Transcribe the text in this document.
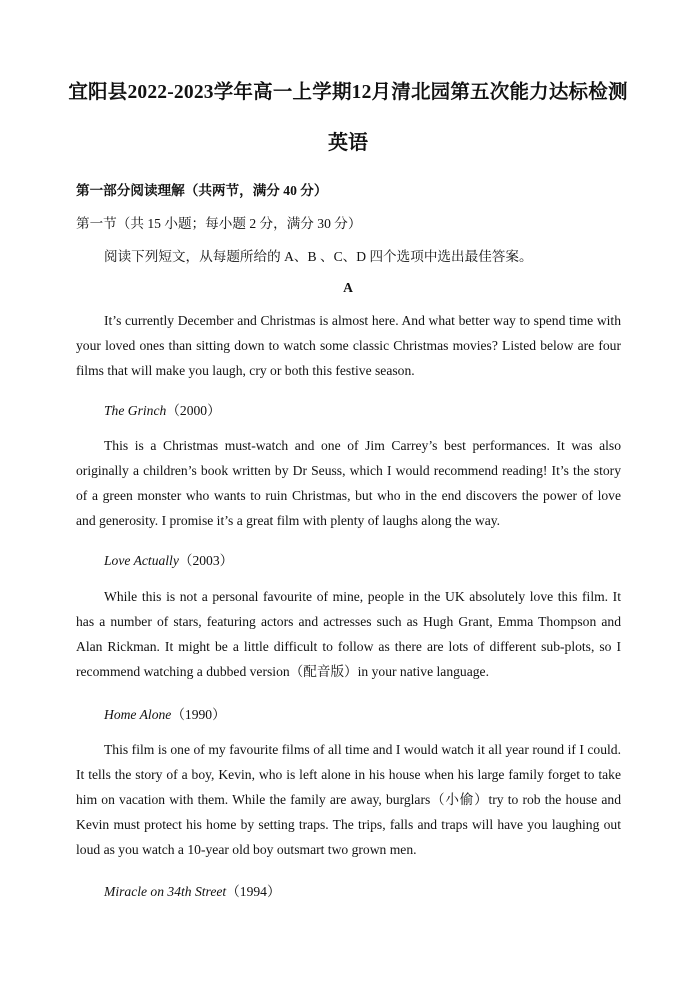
宜阳县2022-2023学年高一上学期12月清北园第五次能力达标检测
英语
第一部分阅读理解（共两节，满分 40 分）
第一节（共 15 小题；每小题 2 分，满分 30 分）
阅读下列短文，从每题所给的 A、B 、C、D 四个选项中选出最佳答案。
A
It’s currently December and Christmas is almost here. And what better way to spend time with your loved ones than sitting down to watch some classic Christmas movies? Listed below are four films that will make you laugh, cry or both this festive season.
The Grinch（2000）
This is a Christmas must-watch and one of Jim Carrey’s best performances. It was also originally a children’s book written by Dr Seuss, which I would recommend reading! It’s the story of a green monster who wants to ruin Christmas, but who in the end discovers the power of love and generosity. I promise it’s a great film with plenty of laughs along the way.
Love Actually（2003）
While this is not a personal favourite of mine, people in the UK absolutely love this film. It has a number of stars, featuring actors and actresses such as Hugh Grant, Emma Thompson and Alan Rickman. It might be a little difficult to follow as there are lots of different sub-plots, so I recommend watching a dubbed version（配音版）in your native language.
Home Alone（1990）
This film is one of my favourite films of all time and I would watch it all year round if I could. It tells the story of a boy, Kevin, who is left alone in his house when his large family forget to take him on vacation with them. While the family are away, burglars（小偷）try to rob the house and Kevin must protect his home by setting traps. The trips, falls and traps will have you laughing out loud as you watch a 10-year old boy outsmart two grown men.
Miracle on 34th Street（1994）
